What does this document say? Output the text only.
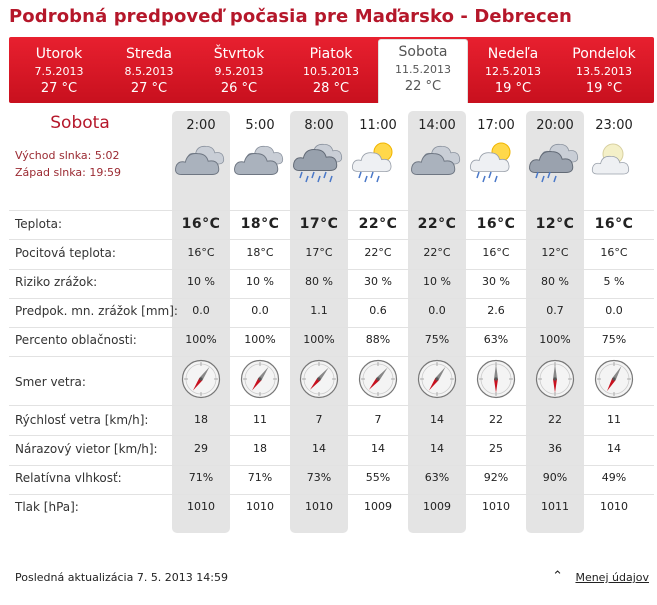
Podrobná predpoveď počasia pre Maďarsko - Debrecen
Utorok
7.5.2013
27 °C
Streda
8.5.2013
27 °C
Štvrtok
9.5.2013
26 °C
Piatok
10.5.2013
28 °C
Sobota
11.5.2013
22 °C
Nedeľa
12.5.2013
19 °C
Pondelok
13.5.2013
19 °C
2:00	5:00	8:00	11:00	14:00	17:00	20:00	23:00
Teplota:	16°C	18°C	17°C	22°C	22°C	16°C	12°C	16°C
Pocitová teplota:	16°C	18°C	17°C	22°C	22°C	16°C	12°C	16°C
Riziko zrážok:	10 %	10 %	80 %	30 %	10 %	30 %	80 %	5 %
Predpok. mn. zrážok [mm]:	0.0	0.0	1.1	0.6	0.0	2.6	0.7	0.0
Percento oblačnosti:	100%	100%	100%	88%	75%	63%	100%	75%
Smer vetra:
Rýchlosť vetra [km/h]:	18	11	7	7	14	22	22	11
Nárazový vietor [km/h]:	29	18	14	14	14	25	36	14
Relatívna vlhkosť:	71%	71%	73%	55%	63%	92%	90%	49%
Tlak [hPa]:	1010	1010	1010	1009	1009	1010	1011	1010
Sobota
Východ slnka: 5:02
Západ slnka: 19:59
Posledná aktualizácia 7. 5. 2013 14:59	⌃ Menej údajov
